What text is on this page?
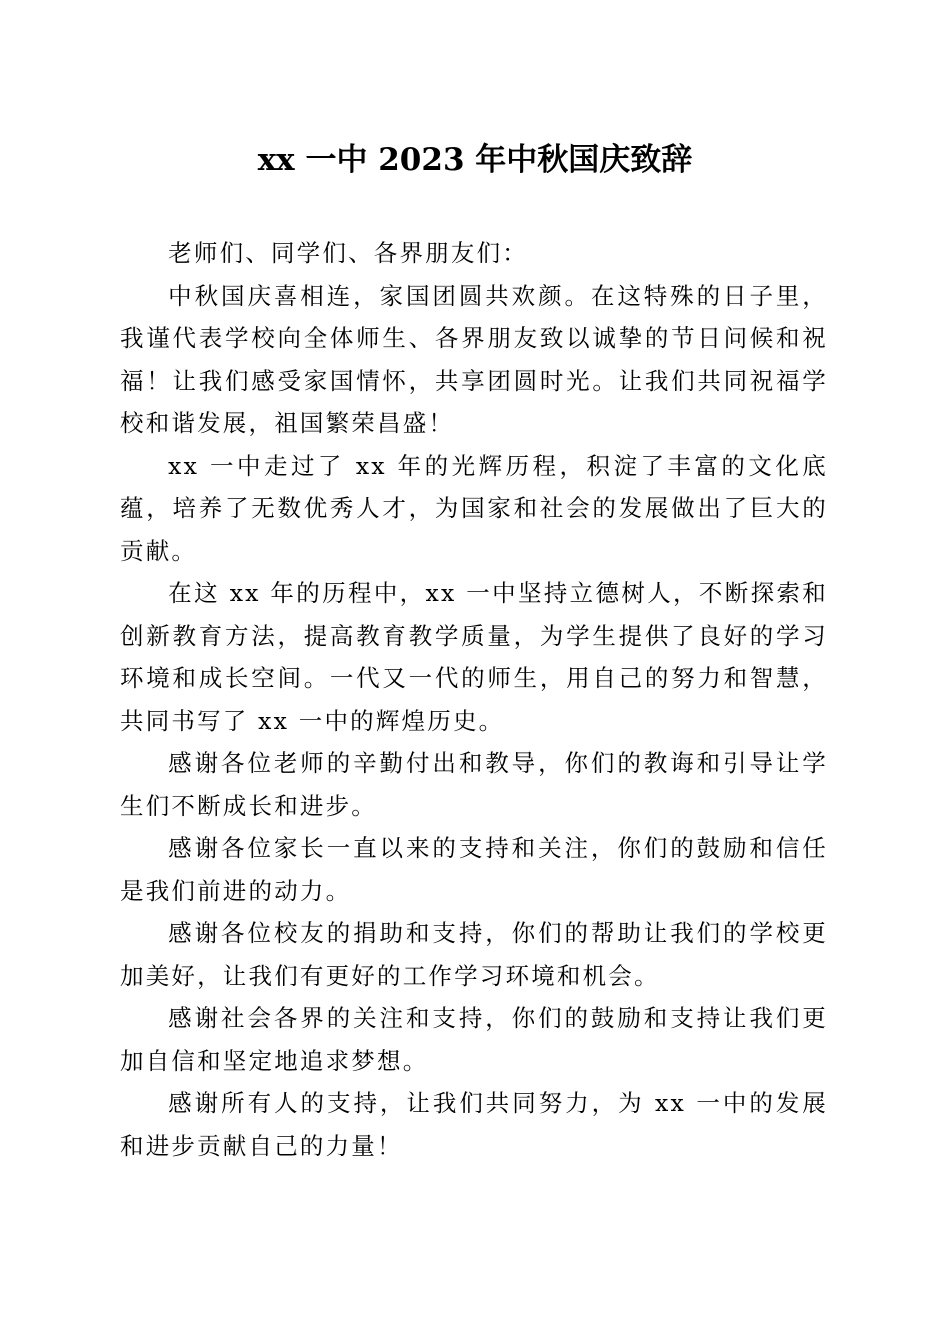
xx 一中 2023 年中秋国庆致辞

老师们、同学们、各界朋友们：

中秋国庆喜相连，家国团圆共欢颜。在这特殊的日子里，我谨代表学校向全体师生、各界朋友致以诚挚的节日问候和祝福！让我们感受家国情怀，共享团圆时光。让我们共同祝福学校和谐发展，祖国繁荣昌盛！

xx 一中走过了 xx 年的光辉历程，积淀了丰富的文化底蕴，培养了无数优秀人才，为国家和社会的发展做出了巨大的贡献。

在这 xx 年的历程中，xx 一中坚持立德树人，不断探索和创新教育方法，提高教育教学质量，为学生提供了良好的学习环境和成长空间。一代又一代的师生，用自己的努力和智慧，共同书写了 xx 一中的辉煌历史。

感谢各位老师的辛勤付出和教导，你们的教诲和引导让学生们不断成长和进步。

感谢各位家长一直以来的支持和关注，你们的鼓励和信任是我们前进的动力。

感谢各位校友的捐助和支持，你们的帮助让我们的学校更加美好，让我们有更好的工作学习环境和机会。

感谢社会各界的关注和支持，你们的鼓励和支持让我们更加自信和坚定地追求梦想。

感谢所有人的支持，让我们共同努力，为 xx 一中的发展和进步贡献自己的力量！
